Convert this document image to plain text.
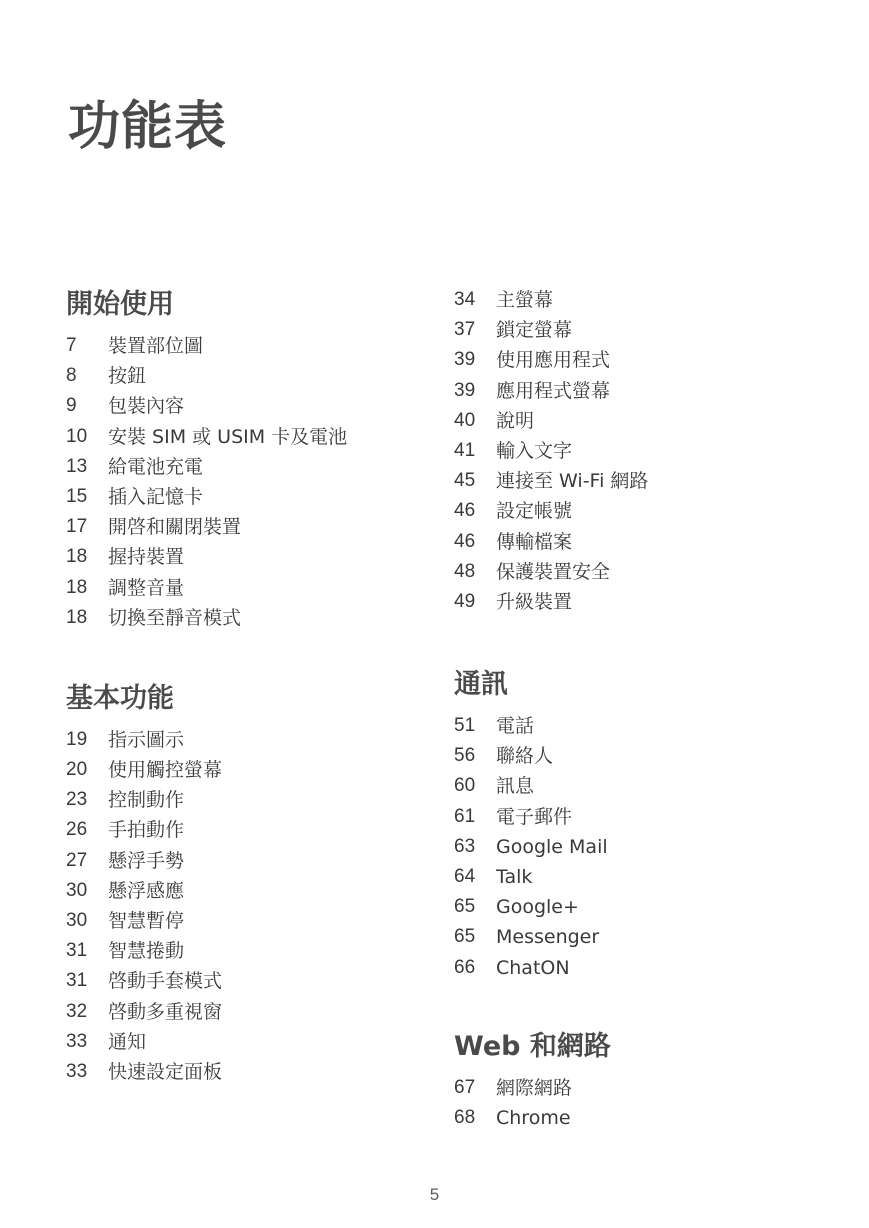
功能表
開始使用
7	裝置部位圖
8	按鈕
9	包裝內容
10	安裝 SIM 或 USIM 卡及電池
13	給電池充電
15	插入記憶卡
17	開啓和關閉裝置
18	握持裝置
18	調整音量
18	切換至靜音模式
基本功能
19	指示圖示
20	使用觸控螢幕
23	控制動作
26	手拍動作
27	懸浮手勢
30	懸浮感應
30	智慧暫停
31	智慧捲動
31	啓動手套模式
32	啓動多重視窗
33	通知
33	快速設定面板
34	主螢幕
37	鎖定螢幕
39	使用應用程式
39	應用程式螢幕
40	說明
41	輸入文字
45	連接至 Wi-Fi 網路
46	設定帳號
46	傳輸檔案
48	保護裝置安全
49	升級裝置
通訊
51	電話
56	聯絡人
60	訊息
61	電子郵件
63	Google Mail
64	Talk
65	Google+
65	Messenger
66	ChatON
Web 和網路
67	網際網路
68	Chrome
5
